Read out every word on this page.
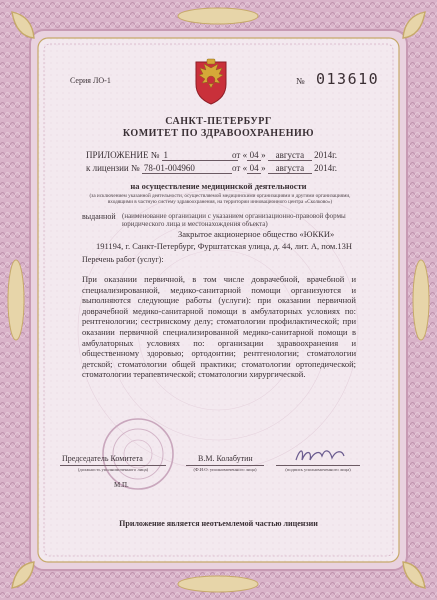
Серия ЛО-1	№ 013610
САНКТ-ПЕТЕРБУРГ
КОМИТЕТ ПО ЗДРАВООХРАНЕНИЮ
ПРИЛОЖЕНИЕ № 1	от « 04 » августа 2014г.
к лицензии № 78-01-004960	от « 04 » августа 2014г.
на осуществление медицинской деятельности
(за исключением указанной деятельности, осуществляемой медицинскими организациями и другими организациями, входящими в частную систему здравоохранения, на территории инновационного центра «Сколково»)
выданной (наименование организации с указанием организационно-правовой формы юридического лица и местонахождения объекта)
Закрытое акционерное общество «ЮККИ»
191194, г. Санкт-Петербург, Фурштатская улица, д. 44, лит. А, пом.13Н
Перечень работ (услуг):
При оказании первичной, в том числе доврачебной, врачебной и специализированной, медико-санитарной помощи организуются и выполняются следующие работы (услуги): при оказании первичной доврачебной медико-санитарной помощи в амбулаторных условиях по: рентгенологии; сестринскому делу; стоматологии профилактической; при оказании первичной специализированной медико-санитарной помощи в амбулаторных условиях по: организации здравоохранения и общественному здоровью; ортодонтии; рентгенологии; стоматологии детской; стоматологии общей практики; стоматологии ортопедической; стоматологии терапевтической; стоматологии хирургической.
Председатель Комитета
(должность уполномоченного лица)
В.М. Колабутин
(Ф.И.О. уполномоченного лица)	(подпись уполномоченного лица)
М.П.
Приложение является неотъемлемой частью лицензии
